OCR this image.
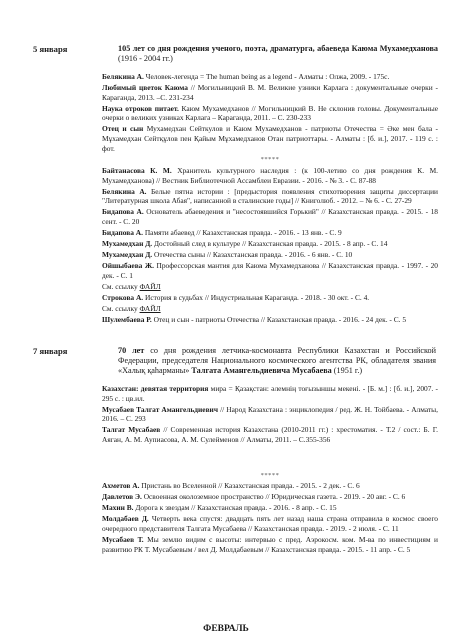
5 января	105 лет со дня рождения ученого, поэта, драматурга, абаеведа Каюма Мухамедханова (1916 - 2004 гг.)
Белякина А. Человек-легенда = The human being as a legend - Алматы : Олжа, 2009. - 175с.
Любимый цветок Каюма // Могильницкий В. М. Великие узники Карлага : документальные очерки - Караганда, 2013. –С. 231-234
Наука отроков питает. Каюм Мухамедханов // Могильницкий В. Не склонив головы. Документальные очерки о великих узниках Карлага – Караганда, 2011. – С. 230-233
Отец и сын Мухамедхан Сейткулов и Каюм Мухамедханов - патриоты Отечества = Әке мен бала - Мұхамедхан Сейтқұлов пен Қайым Мұхамедханов Отан патриоттары. - Алматы : [б. и.], 2017. - 119 с. : фот.
*****
Байтанасова К. М. Хранитель культурного наследия : (к 100-летию со дня рождения К. М. Мухамедханова) // Вестник Библиотечной Ассамблеи Евразии. - 2016. - № 3. - С. 87-88
Белякина А. Белые пятна истории : [предыстория появления стихотворения защиты диссертации "Литературная школа Абая", написанной в сталинские годы] // Книголюб. - 2012. – № 6. - С. 27-29
Бидапова А. Основатель абаеведения и "несостоявшийся Горький" // Казахстанская правда. - 2015. - 18 сент. - С. 20
Бидапова А. Памяти абаевед // Казахстанская правда. - 2016. - 13 янв. - С. 9
Мухамедхан Д. Достойный след в культуре // Казахстанская правда. - 2015. - 8 апр. - С. 14
Мухамедхан Д. Отечества сыны // Казахстанская правда. - 2016. - 6 янв. - С. 10
Ойшыбаева Ж. Профессорская мантия для Каюма Мухамедханова // Казахстанская правда. - 1997. - 20 дек. - С. 1
См. ссылку ФАЙЛ
Строкова А. История в судьбах // Индустриальная Караганда. - 2018. - 30 окт. - С. 4.
См. ссылку ФАЙЛ
Шулембаева Р. Отец и сын - патриоты Отечества // Казахстанская правда. - 2016. - 24 дек. - С. 5
7 января	70 лет со дня рождения летчика-космонавта Республики Казахстан и Российской Федерации, председателя Национального космического агентства РК, обладателя звания «Халық қаһарманы» Талгата Амангельдиевича Мусабаева (1951 г.)
Казахстан: девятая территория мира = Қазақстан: әлемнің тоғызыншы мекені. - [Б. м.] : [б. и.], 2007. - 295 с. : цв.ил.
Мусабаев Талгат Амангельдиевич // Народ Казахстана : энциклопедия / ред. Ж. Н. Тойбаева. - Алматы, 2016. – С. 293
Талгат Мусабаев // Современная история Казахстана (2010-2011 гг.) : хрестоматия. - Т.2 / сост.: Б. Г. Аяган, А. М. Аупиасова, А. М. Сулейменов // Алматы, 2011. – С.355-356
*****
Ахметов А. Пристань во Вселенной // Казахстанская правда. - 2015. - 2 дек. - С. 6
Давлетов Э. Освоенная околоземное пространство // Юридическая газета. - 2019. - 20 авг. - С. 6
Махин В. Дорога к звездам // Казахстанская правда. - 2016. - 8 апр. - С. 15
Молдабаев Д. Четверть века спустя: двадцать пять лет назад наша страна отправила в космос своего очередного представителя Талгата Мусабаева // Казахстанская правда. - 2019. - 2 июля. - С. 11
Мусабаев Т. Мы землю видим с высоты: интервью с пред. Аэрокосм. ком. М-ва по инвестициям и развитию РК Т. Мусабаевым / вел Д. Молдабаевым // Казахстанская правда. - 2015. - 11 апр. - С. 5
ФЕВРАЛЬ
